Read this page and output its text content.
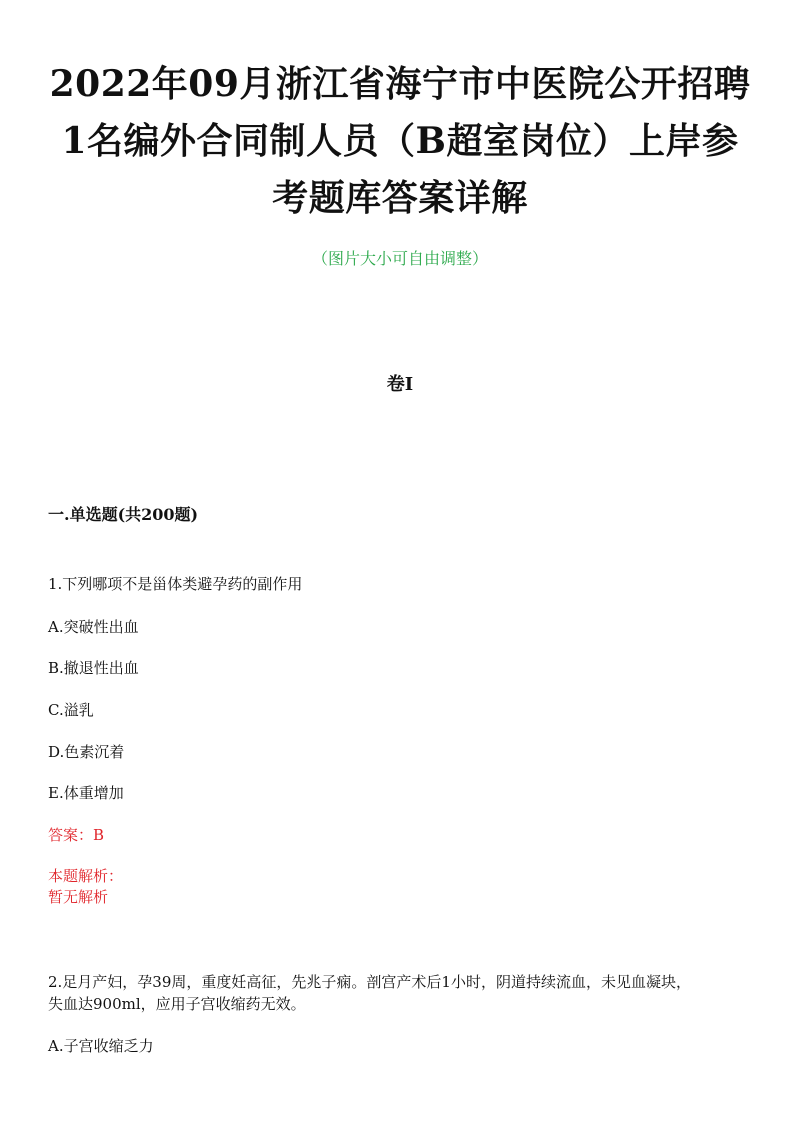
2022年09月浙江省海宁市中医院公开招聘
1名编外合同制人员（B超室岗位）上岸参
考题库答案详解
（图片大小可自由调整）
卷I
一.单选题(共200题)
1.下列哪项不是甾体类避孕药的副作用
A.突破性出血
B.撤退性出血
C.溢乳
D.色素沉着
E.体重增加
答案：B
本题解析：
暂无解析
2.足月产妇，孕39周，重度妊高征，先兆子痫。剖宫产术后1小时，阴道持续流血，未见血凝块，
失血达900ml，应用子宫收缩药无效。
A.子宫收缩乏力
